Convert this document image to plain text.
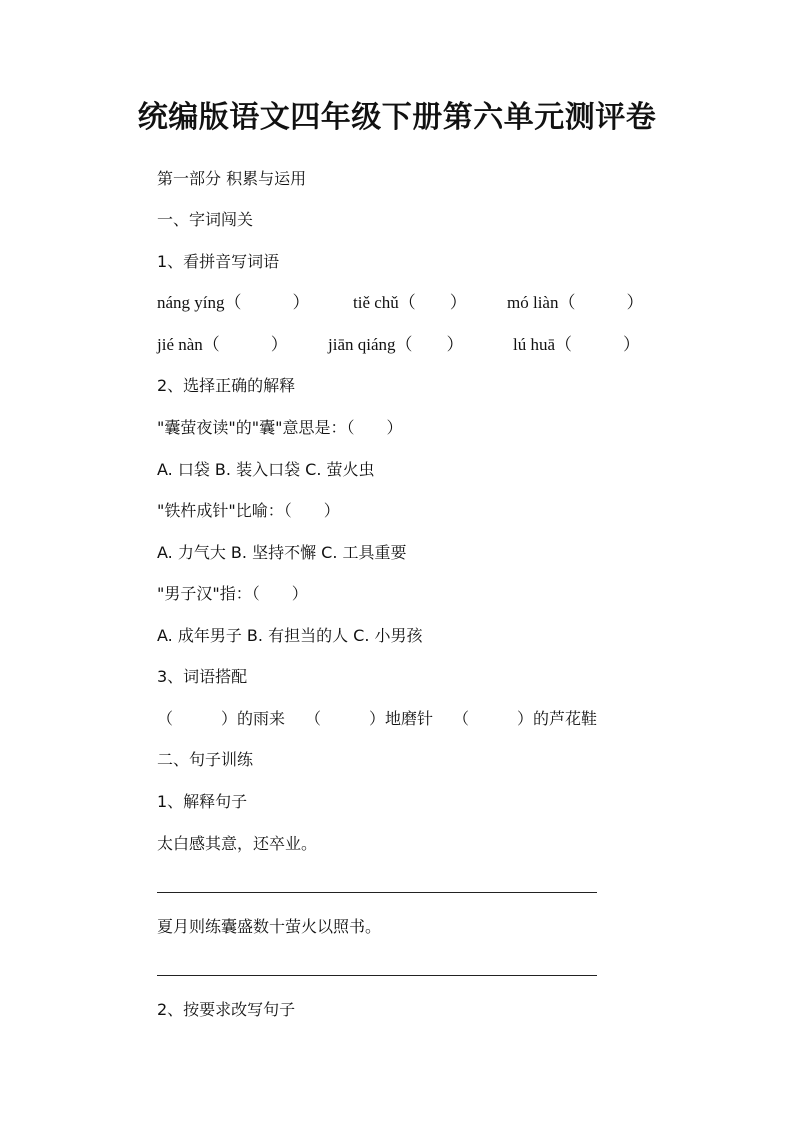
统编版语文四年级下册第六单元测评卷
第一部分 积累与运用
一、字词闯关
1、看拼音写词语
náng yíng（　　　）	tiě chǔ（　　） mó liàn（　　　）
jié nàn（　　　） jiān qiáng（　　）	lú huā（　　　）
2、选择正确的解释
"囊萤夜读"的"囊"意思是：（　　）
A. 口袋 B. 装入口袋 C. 萤火虫
"铁杵成针"比喻：（　　）
A. 力气大 B. 坚持不懈 C. 工具重要
"男子汉"指：（　　）
A. 成年男子 B. 有担当的人 C. 小男孩
3、词语搭配
（　　　）的雨来 （　　　）地磨针 （　　　）的芦花鞋
二、句子训练
1、解释句子
太白感其意，还卒业。
夏月则练囊盛数十萤火以照书。
2、按要求改写句子
